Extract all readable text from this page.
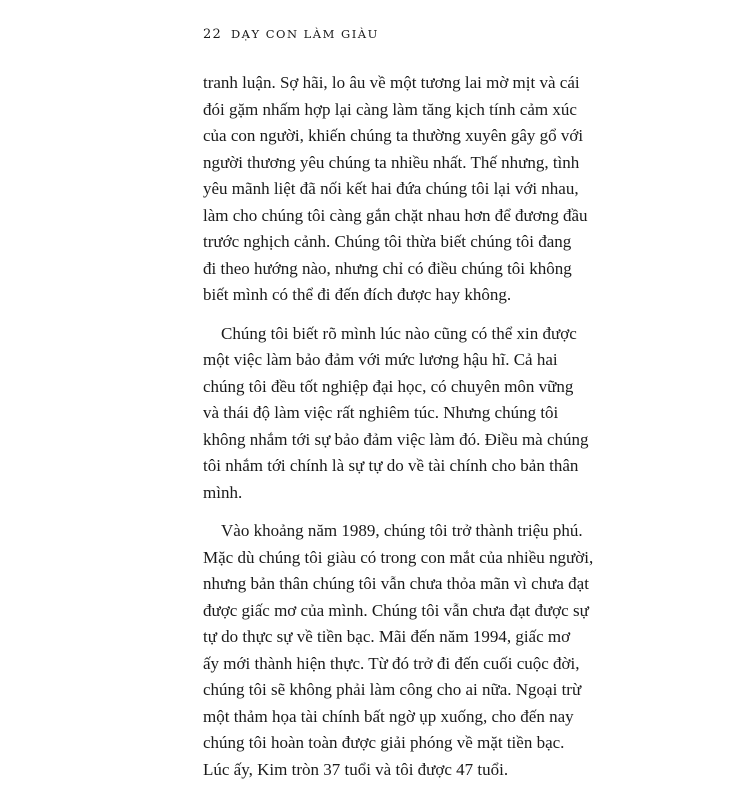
22 DẠY CON LÀM GIÀU

tranh luận. Sợ hãi, lo âu về một tương lai mờ mịt và cái
đói gặm nhấm hợp lại càng làm tăng kịch tính cảm xúc
của con người, khiến chúng ta thường xuyên gây gổ với
người thương yêu chúng ta nhiều nhất. Thế nhưng, tình
yêu mãnh liệt đã nối kết hai đứa chúng tôi lại với nhau,
làm cho chúng tôi càng gắn chặt nhau hơn để đương đầu
trước nghịch cảnh. Chúng tôi thừa biết chúng tôi đang
đi theo hướng nào, nhưng chỉ có điều chúng tôi không
biết mình có thể đi đến đích được hay không.

Chúng tôi biết rõ mình lúc nào cũng có thể xin được
một việc làm bảo đảm với mức lương hậu hĩ. Cả hai
chúng tôi đều tốt nghiệp đại học, có chuyên môn vững
và thái độ làm việc rất nghiêm túc. Nhưng chúng tôi
không nhắm tới sự bảo đảm việc làm đó. Điều mà chúng
tôi nhắm tới chính là sự tự do về tài chính cho bản thân
mình.

Vào khoảng năm 1989, chúng tôi trở thành triệu phú.
Mặc dù chúng tôi giàu có trong con mắt của nhiều người,
nhưng bản thân chúng tôi vẫn chưa thỏa mãn vì chưa đạt
được giấc mơ của mình. Chúng tôi vẫn chưa đạt được sự
tự do thực sự về tiền bạc. Mãi đến năm 1994, giấc mơ
ấy mới thành hiện thực. Từ đó trở đi đến cuối cuộc đời,
chúng tôi sẽ không phải làm công cho ai nữa. Ngoại trừ
một thảm họa tài chính bất ngờ ụp xuống, cho đến nay
chúng tôi hoàn toàn được giải phóng về mặt tiền bạc.
Lúc ấy, Kim tròn 37 tuổi và tôi được 47 tuổi.
